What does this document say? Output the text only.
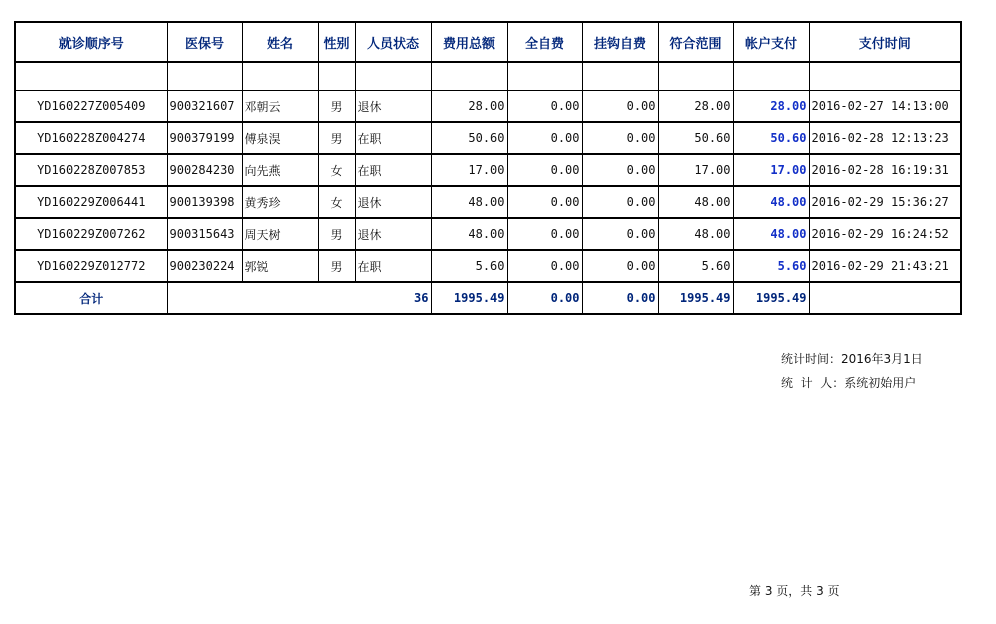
就诊顺序号	医保号	姓名	性别	人员状态	费用总额	全自费	挂钩自费	符合范围	帐户支付	支付时间

YD160227Z005409	900321607	邓朝云	男	退休	28.00	0.00	0.00	28.00	28.00	2016-02-27 14:13:00
YD160228Z004274	900379199	傅泉淏	男	在职	50.60	0.00	0.00	50.60	50.60	2016-02-28 12:13:23
YD160228Z007853	900284230	向先燕	女	在职	17.00	0.00	0.00	17.00	17.00	2016-02-28 16:19:31
YD160229Z006441	900139398	黄秀珍	女	退休	48.00	0.00	0.00	48.00	48.00	2016-02-29 15:36:27
YD160229Z007262	900315643	周天树	男	退休	48.00	0.00	0.00	48.00	48.00	2016-02-29 16:24:52
YD160229Z012772	900230224	郭锐	男	在职	5.60	0.00	0.00	5.60	5.60	2016-02-29 21:43:21
合计	36				1995.49	0.00	0.00	1995.49	1995.49	
统计时间：2016年3月1日
统  计  人：系统初始用户
第 3 页，共 3 页
